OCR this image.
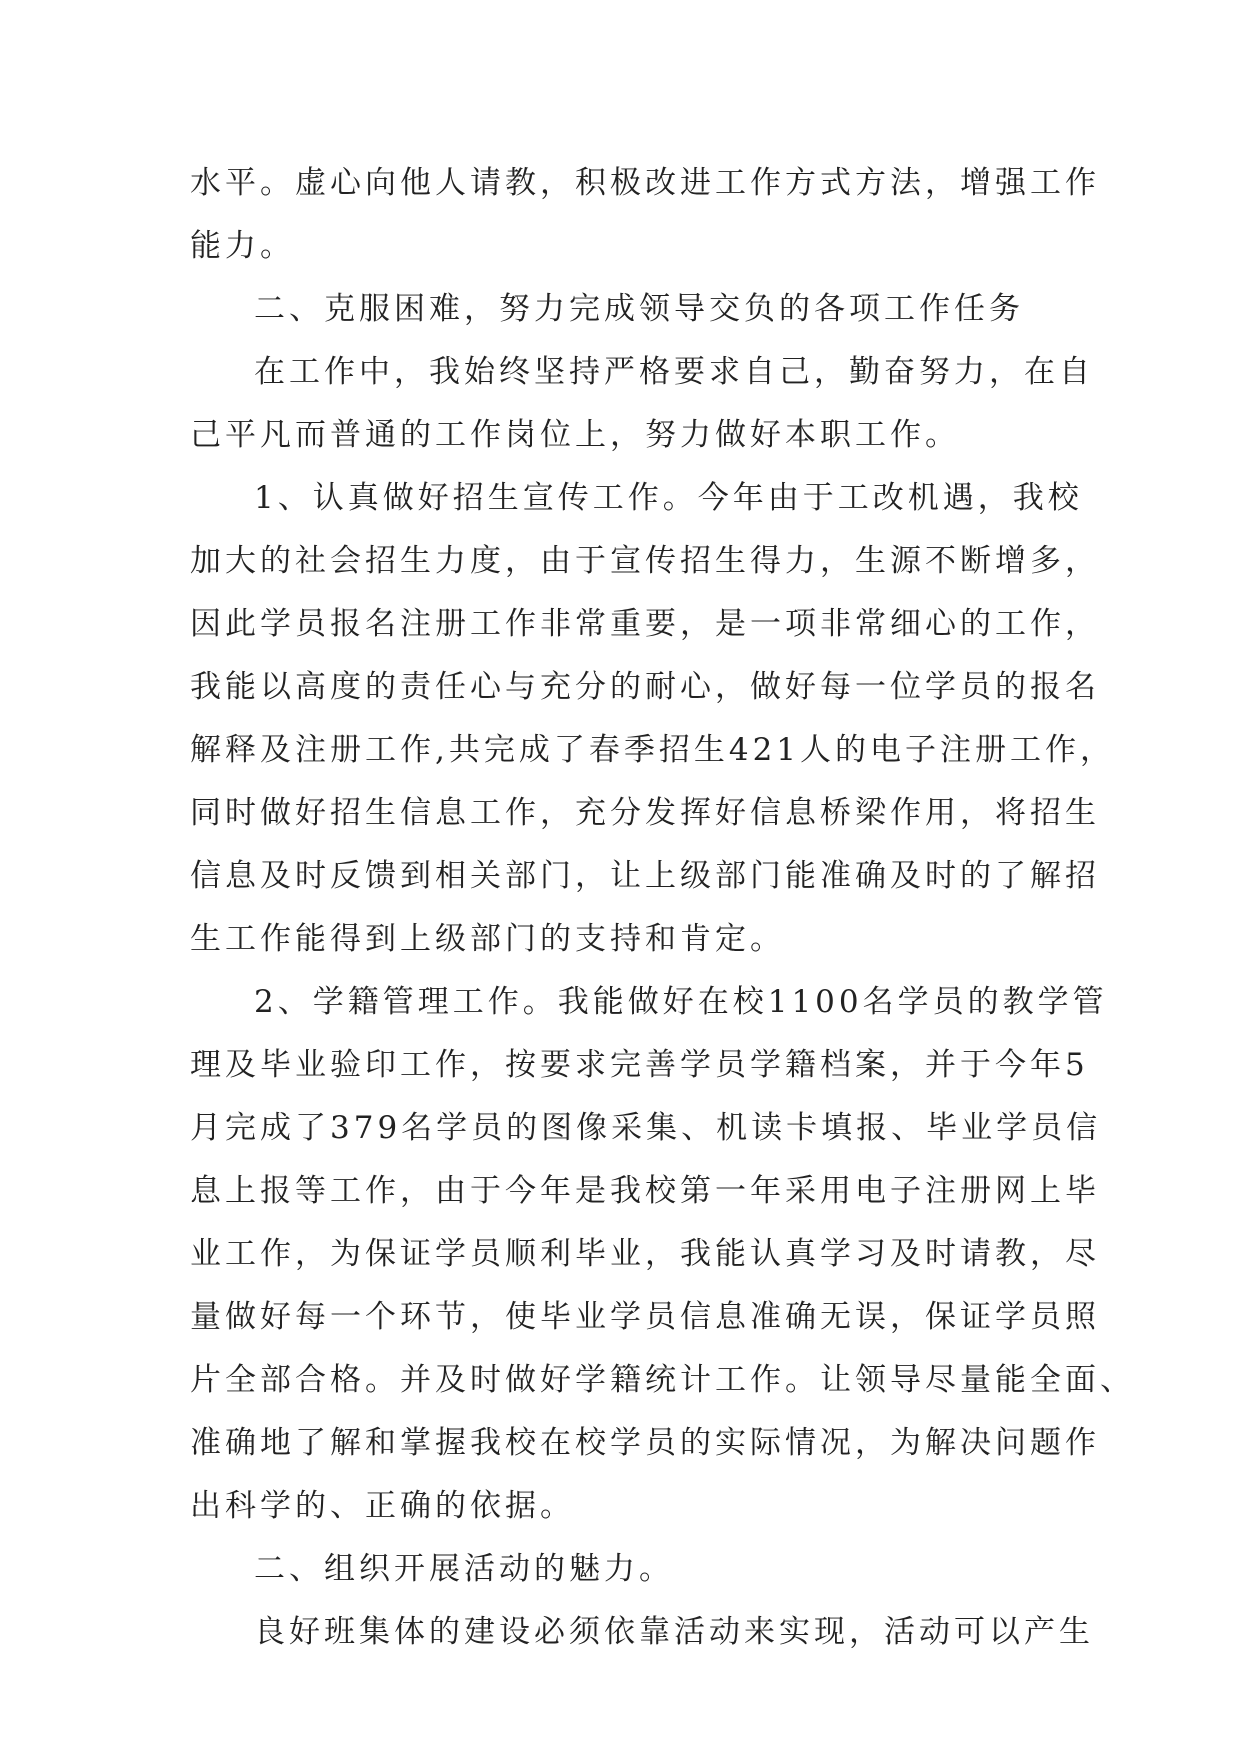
水平。虚心向他人请教，积极改进工作方式方法，增强工作
能力。
二、克服困难，努力完成领导交负的各项工作任务
在工作中，我始终坚持严格要求自己，勤奋努力，在自
己平凡而普通的工作岗位上，努力做好本职工作。
1、认真做好招生宣传工作。今年由于工改机遇，我校
加大的社会招生力度，由于宣传招生得力，生源不断增多，
因此学员报名注册工作非常重要，是一项非常细心的工作，
我能以高度的责任心与充分的耐心，做好每一位学员的报名
解释及注册工作,共完成了春季招生421人的电子注册工作，
同时做好招生信息工作，充分发挥好信息桥梁作用，将招生
信息及时反馈到相关部门，让上级部门能准确及时的了解招
生工作能得到上级部门的支持和肯定。
2、学籍管理工作。我能做好在校1100名学员的教学管
理及毕业验印工作，按要求完善学员学籍档案，并于今年5
月完成了379名学员的图像采集、机读卡填报、毕业学员信
息上报等工作，由于今年是我校第一年采用电子注册网上毕
业工作，为保证学员顺利毕业，我能认真学习及时请教，尽
量做好每一个环节，使毕业学员信息准确无误，保证学员照
片全部合格。并及时做好学籍统计工作。让领导尽量能全面、
准确地了解和掌握我校在校学员的实际情况，为解决问题作
出科学的、正确的依据。
二、组织开展活动的魅力。
良好班集体的建设必须依靠活动来实现，活动可以产生
